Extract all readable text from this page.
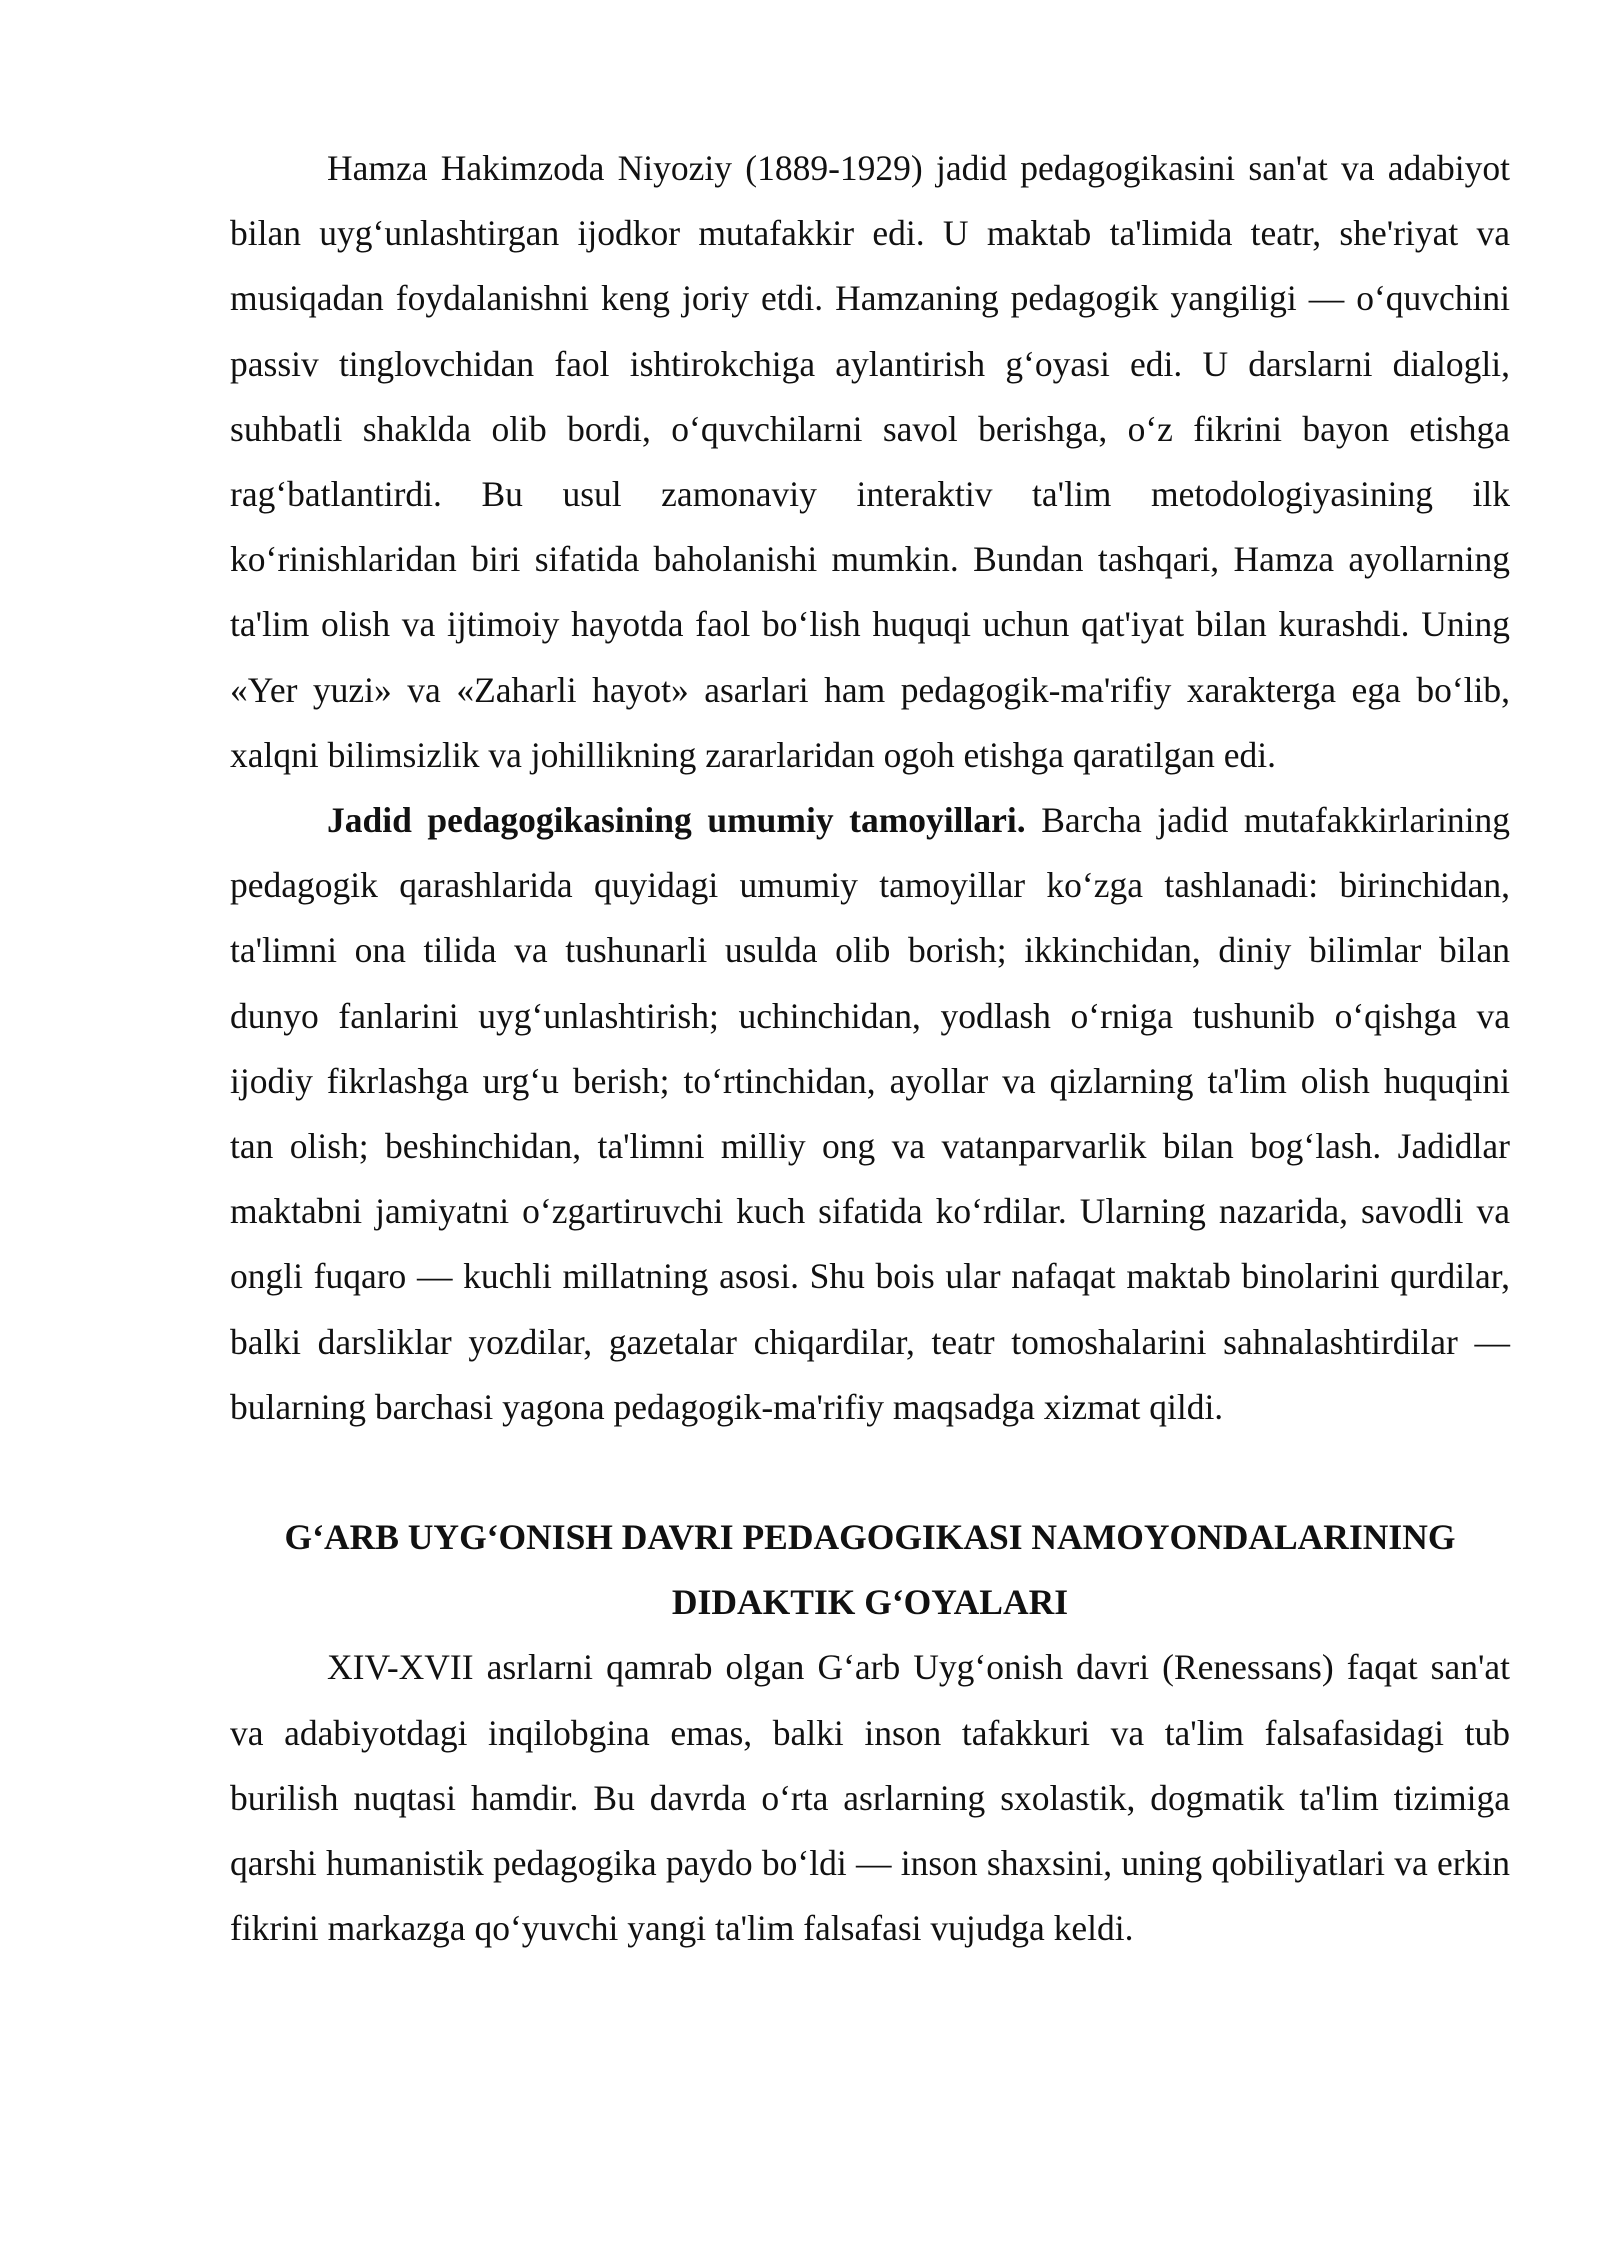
Hamza Hakimzoda Niyoziy (1889-1929) jadid pedagogikasini san'at va adabiyot bilan uyg‘unlashtirgan ijodkor mutafakkir edi. U maktab ta'limida teatr, she'riyat va musiqadan foydalanishni keng joriy etdi. Hamzaning pedagogik yangiligi — o‘quvchini passiv tinglovchidan faol ishtirokchiga aylantirish g‘oyasi edi. U darslarni dialogli, suhbatli shaklda olib bordi, o‘quvchilarni savol berishga, o‘z fikrini bayon etishga rag‘batlantirdi. Bu usul zamonaviy interaktiv ta'lim metodologiyasining ilk ko‘rinishlaridan biri sifatida baholanishi mumkin. Bundan tashqari, Hamza ayollarning ta'lim olish va ijtimoiy hayotda faol bo‘lish huquqi uchun qat'iyat bilan kurashdi. Uning «Yer yuzi» va «Zaharli hayot» asarlari ham pedagogik-ma'rifiy xarakterga ega bo‘lib, xalqni bilimsizlik va johillikning zararlaridan ogoh etishga qaratilgan edi.

Jadid pedagogikasining umumiy tamoyillari. Barcha jadid mutafakkirlarining pedagogik qarashlarida quyidagi umumiy tamoyillar ko‘zga tashlanadi: birinchidan, ta'limni ona tilida va tushunarli usulda olib borish; ikkinchidan, diniy bilimlar bilan dunyo fanlarini uyg‘unlashtirish; uchinchidan, yodlash o‘rniga tushunib o‘qishga va ijodiy fikrlashga urg‘u berish; to‘rtinchidan, ayollar va qizlarning ta'lim olish huquqini tan olish; beshinchidan, ta'limni milliy ong va vatanparvarlik bilan bog‘lash. Jadidlar maktabni jamiyatni o‘zgartiruvchi kuch sifatida ko‘rdilar. Ularning nazarida, savodli va ongli fuqaro — kuchli millatning asosi. Shu bois ular nafaqat maktab binolarini qurdilar, balki darsliklar yozdilar, gazetalar chiqardilar, teatr tomoshalarini sahnalashtirdilar — bularning barchasi yagona pedagogik-ma'rifiy maqsadga xizmat qildi.

G‘ARB UYG‘ONISH DAVRI PEDAGOGIKASI NAMOYONDALARINING
DIDAKTIK G‘OYALARI

XIV-XVII asrlarni qamrab olgan G‘arb Uyg‘onish davri (Renessans) faqat san'at va adabiyotdagi inqilobgina emas, balki inson tafakkuri va ta'lim falsafasidagi tub burilish nuqtasi hamdir. Bu davrda o‘rta asrlarning sxolastik, dogmatik ta'lim tizimiga qarshi humanistik pedagogika paydo bo‘ldi — inson shaxsini, uning qobiliyatlari va erkin fikrini markazga qo‘yuvchi yangi ta'lim falsafasi vujudga keldi.
